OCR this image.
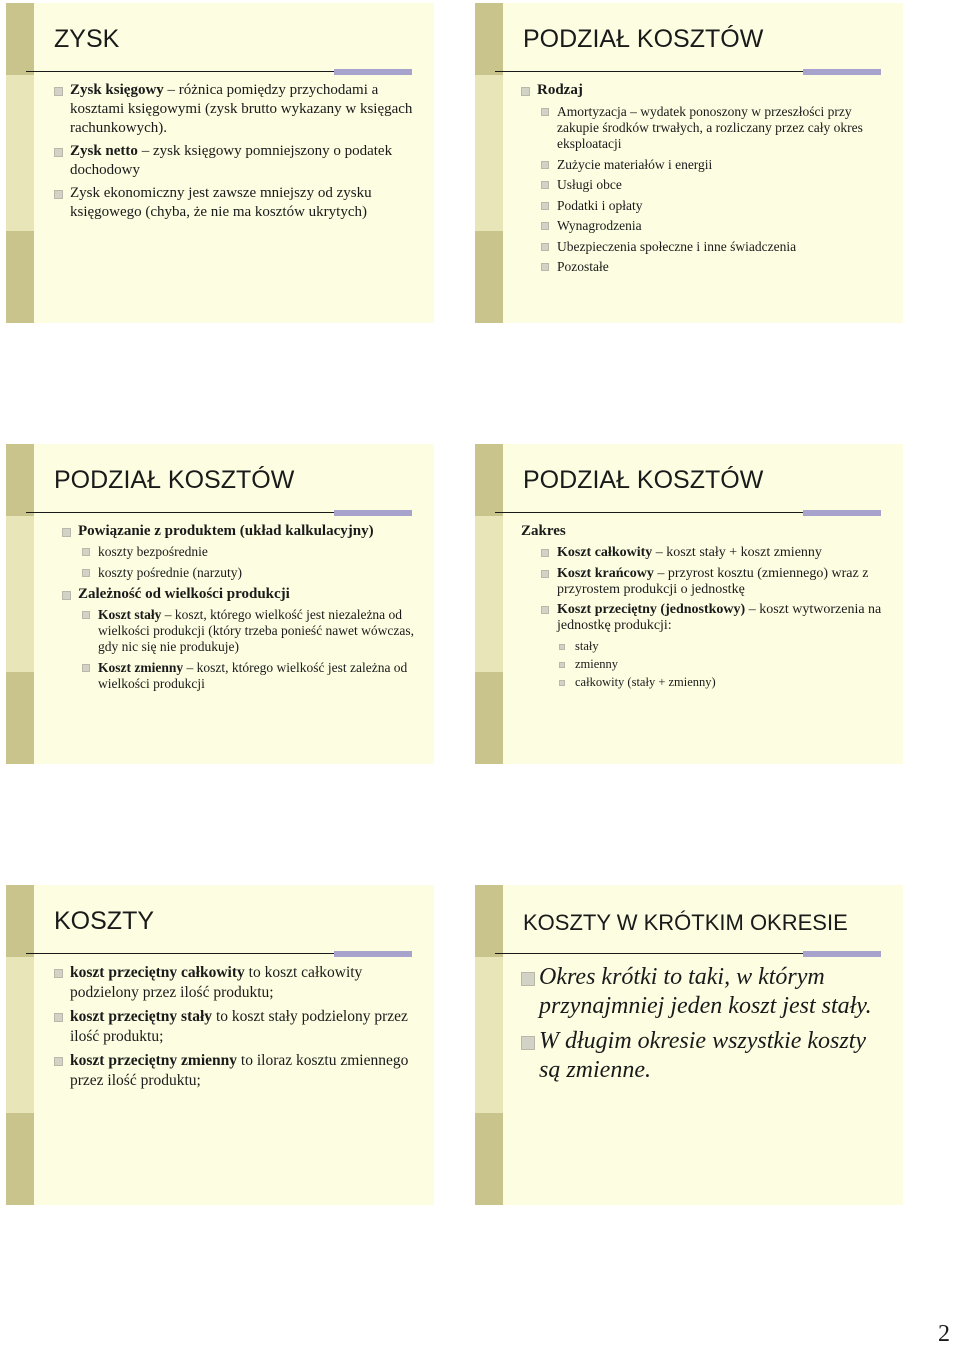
ZYSK
Zysk księgowy – różnica pomiędzy przychodami a kosztami księgowymi (zysk brutto wykazany w księgach rachunkowych).
Zysk netto – zysk księgowy pomniejszony o podatek dochodowy
Zysk ekonomiczny jest zawsze mniejszy od zysku księgowego (chyba, że nie ma kosztów ukrytych)
PODZIAŁ KOSZTÓW
Rodzaj
Amortyzacja – wydatek ponoszony w przeszłości przy zakupie środków trwałych, a rozliczany przez cały okres eksploatacji
Zużycie materiałów i energii
Usługi obce
Podatki i opłaty
Wynagrodzenia
Ubezpieczenia społeczne i inne świadczenia
Pozostałe
PODZIAŁ KOSZTÓW
Powiązanie z produktem (układ kalkulacyjny)
koszty bezpośrednie
koszty pośrednie (narzuty)
Zależność od wielkości produkcji
Koszt stały – koszt, którego wielkość jest niezależna od wielkości produkcji (który trzeba ponieść nawet wówczas, gdy nic się nie produkuje)
Koszt zmienny – koszt, którego wielkość jest zależna od wielkości produkcji
PODZIAŁ KOSZTÓW
Zakres
Koszt całkowity – koszt stały + koszt zmienny
Koszt krańcowy – przyrost kosztu (zmiennego) wraz z przyrostem produkcji o jednostkę
Koszt przeciętny (jednostkowy) – koszt wytworzenia na jednostkę produkcji:
stały
zmienny
całkowity (stały + zmienny)
KOSZTY
koszt przeciętny całkowity to koszt całkowity podzielony przez ilość produktu;
koszt przeciętny stały to koszt stały podzielony przez ilość produktu;
koszt przeciętny zmienny to iloraz kosztu zmiennego przez ilość produktu;
KOSZTY W KRÓTKIM OKRESIE
Okres krótki to taki, w którym przynajmniej jeden koszt jest stały.
W długim okresie wszystkie koszty są zmienne.
2
